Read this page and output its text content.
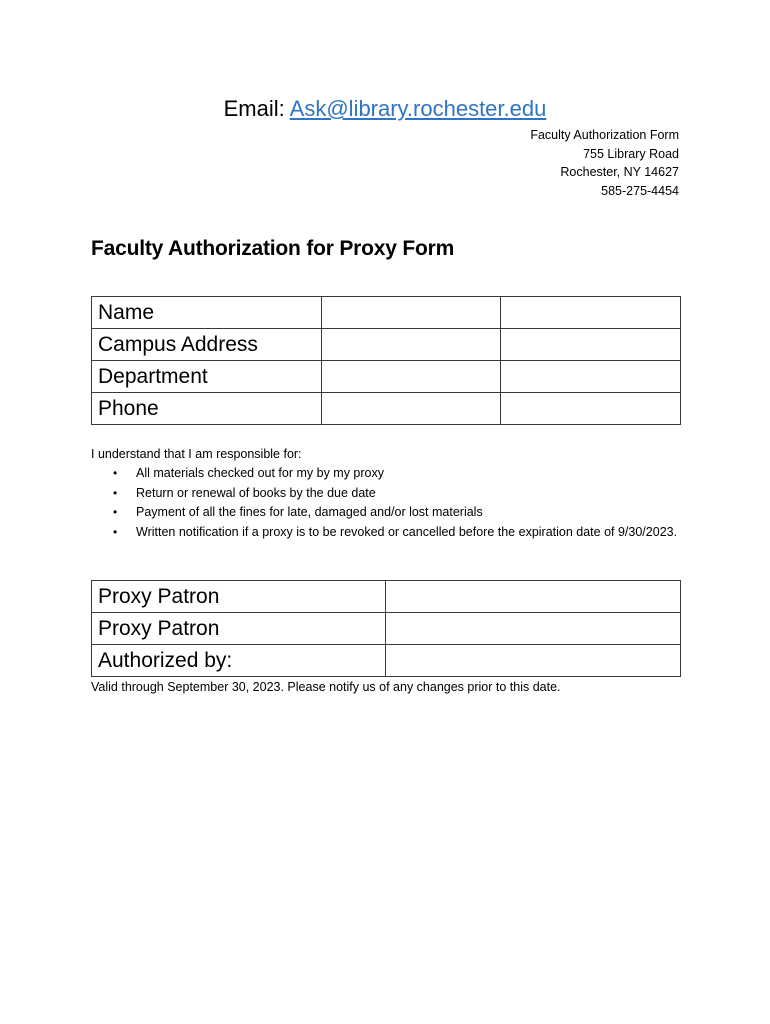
Email: Ask@library.rochester.edu
Faculty Authorization Form
755 Library Road
Rochester, NY 14627
585-275-4454
Faculty Authorization for Proxy Form
Name		
Campus Address		
Department		
Phone		
I understand that I am responsible for:
• All materials checked out for my by my proxy
• Return or renewal of books by the due date
• Payment of all the fines for late, damaged and/or lost materials
• Written notification if a proxy is to be revoked or cancelled before the expiration date of 9/30/2023.
Proxy Patron	
Proxy Patron	
Authorized by:	
Valid through September 30, 2023. Please notify us of any changes prior to this date.
